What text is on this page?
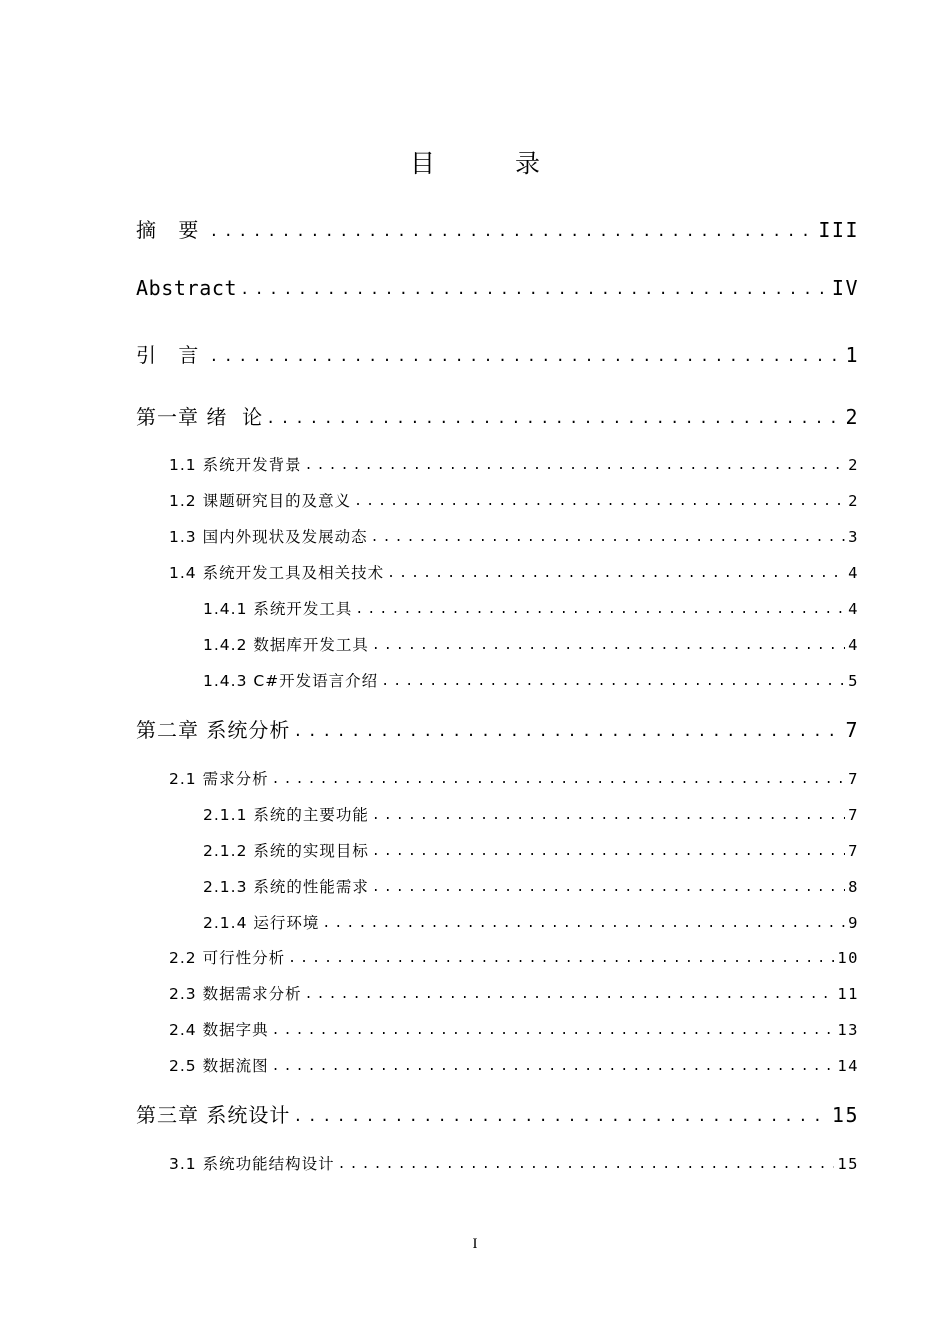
目 录
摘 要 .....	III
Abstract .....	IV
引 言 .....	1
第一章 绪  论 .....	2
1.1 系统开发背景 .....	2
1.2 课题研究目的及意义 .....	2
1.3 国内外现状及发展动态 .....	3
1.4 系统开发工具及相关技术 .....	4
1.4.1 系统开发工具 .....	4
1.4.2 数据库开发工具 .....	4
1.4.3 C#开发语言介绍 .....	5
第二章 系统分析 .....	7
2.1 需求分析 .....	7
2.1.1 系统的主要功能 .....	7
2.1.2 系统的实现目标 .....	7
2.1.3 系统的性能需求 .....	8
2.1.4 运行环境 .....	9
2.2 可行性分析 .....	10
2.3 数据需求分析 .....	11
2.4 数据字典 .....	13
2.5 数据流图 .....	14
第三章 系统设计 .....	15
3.1 系统功能结构设计 .....	15
I
